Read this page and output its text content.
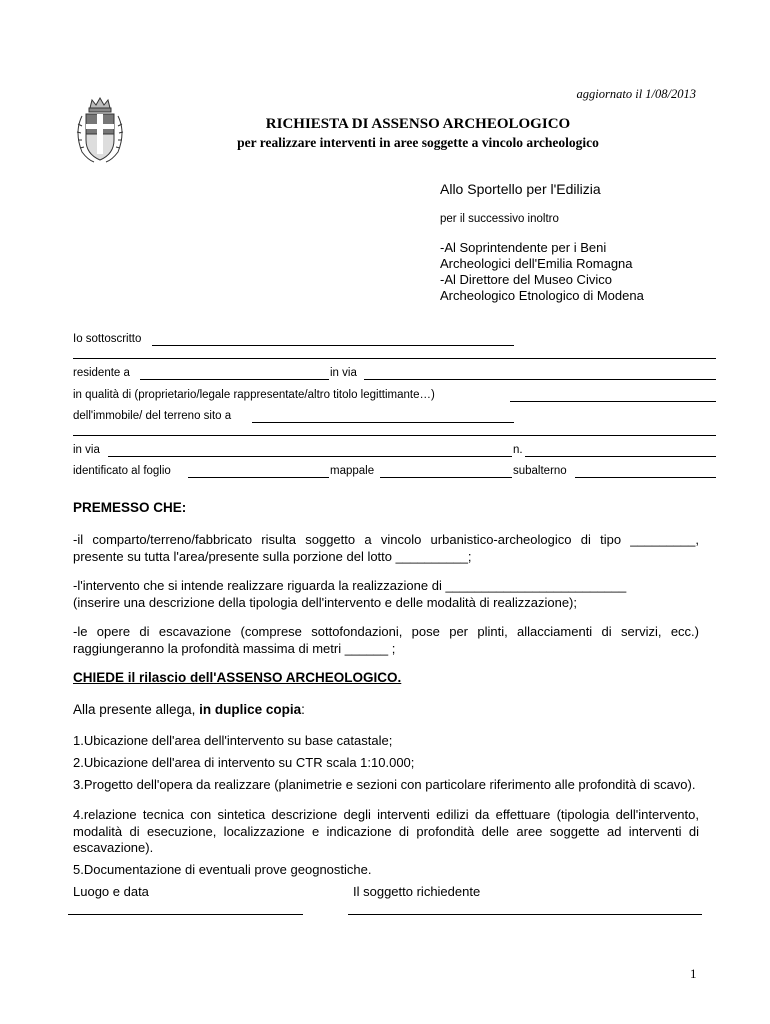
aggiornato il 1/08/2013
RICHIESTA DI ASSENSO ARCHEOLOGICO
per realizzare interventi in aree soggette a vincolo archeologico
Allo Sportello per l'Edilizia
per il successivo inoltro
-Al Soprintendente per i Beni
Archeologici dell'Emilia Romagna
-Al Direttore del Museo Civico
Archeologico Etnologico di Modena
Io sottoscritto
residente a	in via
in qualità di (proprietario/legale rappresentate/altro titolo legittimante…)
dell'immobile/ del terreno sito a
in via	n.
identificato al foglio	mappale	subalterno
PREMESSO CHE:
-il comparto/terreno/fabbricato risulta soggetto a vincolo urbanistico-archeologico di tipo _________, presente su tutta l'area/presente sulla porzione del lotto __________;
-l'intervento che si intende realizzare riguarda la realizzazione di _________________________
(inserire una descrizione della tipologia dell'intervento e delle modalità di realizzazione);
-le opere di escavazione (comprese sottofondazioni, pose per plinti, allacciamenti di servizi, ecc.) raggiungeranno la profondità massima di metri ______ ;
CHIEDE il rilascio dell'ASSENSO ARCHEOLOGICO.
Alla presente allega, in duplice copia:
1.Ubicazione dell'area dell'intervento su base catastale;
2.Ubicazione dell'area di intervento su CTR scala 1:10.000;
3.Progetto dell'opera da realizzare (planimetrie e sezioni con particolare riferimento alle profondità di scavo).
4.relazione tecnica con sintetica descrizione degli interventi edilizi da effettuare (tipologia dell'intervento, modalità di esecuzione, localizzazione e indicazione di profondità delle aree soggette ad interventi di escavazione).
5.Documentazione di eventuali prove geognostiche.
Luogo e data	Il soggetto richiedente
1
